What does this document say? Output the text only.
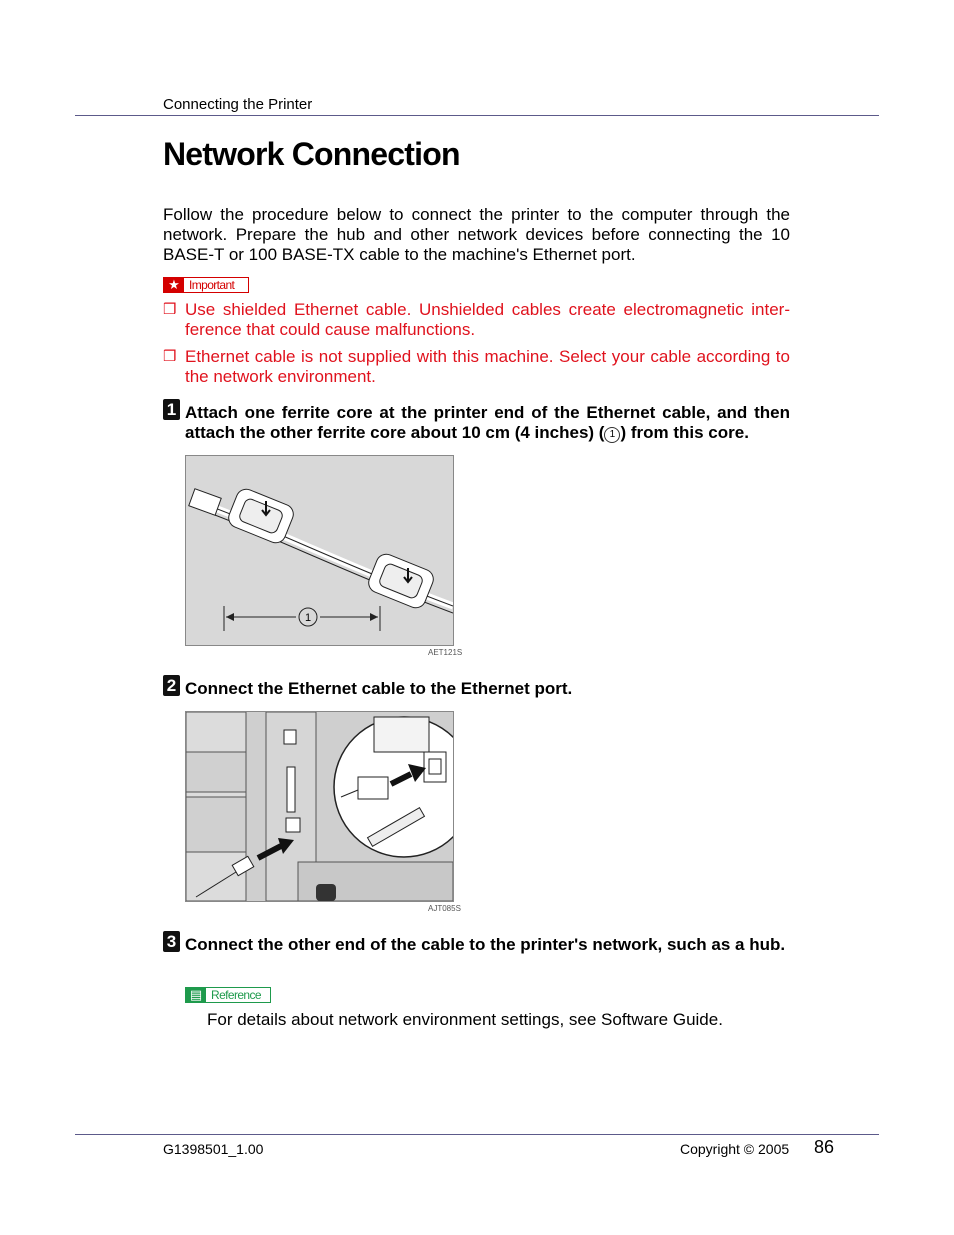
Connecting the Printer
Network Connection
Follow the procedure below to connect the printer to the computer through the network. Prepare the hub and other network devices before connecting the 10 BASE-T or 100 BASE-TX cable to the machine's Ethernet port.
★ Important
❒ Use shielded Ethernet cable. Unshielded cables create electromagnetic inter-ference that could cause malfunctions.
❒ Ethernet cable is not supplied with this machine. Select your cable according to the network environment.
1 Attach one ferrite core at the printer end of the Ethernet cable, and then attach the other ferrite core about 10 cm (4 inches) ( 1 ) from this core.
1
AET121S
2 Connect the Ethernet cable to the Ethernet port.
AJT085S
3 Connect the other end of the cable to the printer's network, such as a hub.
▤ Reference
For details about network environment settings, see Software Guide.
G1398501_1.00	Copyright © 2005 86
